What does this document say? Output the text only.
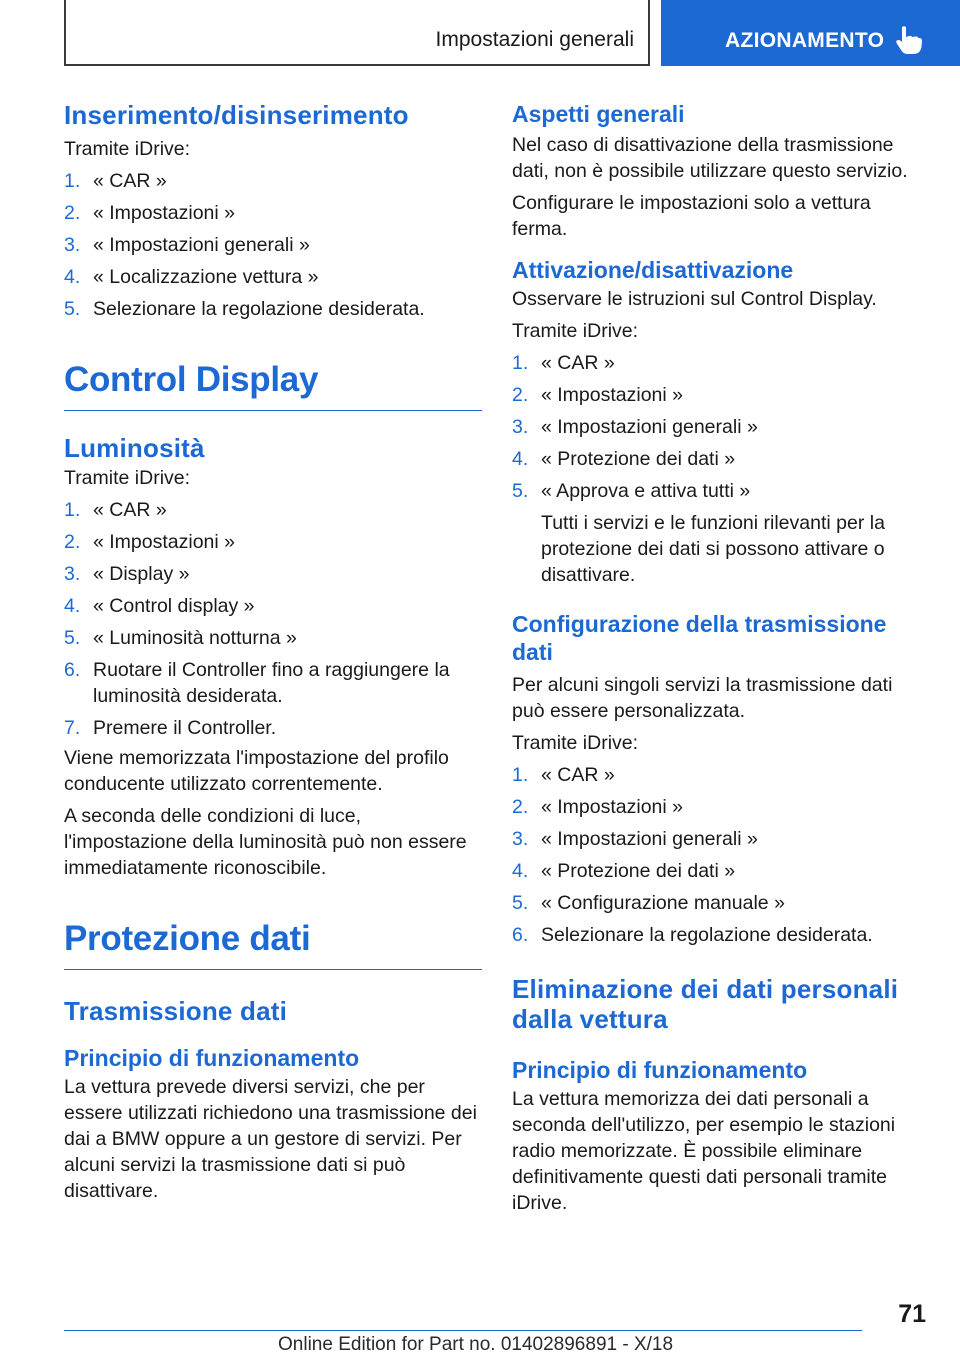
Impostazioni generali	AZIONAMENTO
Inserimento/disinserimento

Tramite iDrive:

1. « CAR »
2. « Impostazioni »
3. « Impostazioni generali »
4. « Localizzazione vettura »
5. Selezionare la regolazione desiderata.
Control Display
Luminosità

Tramite iDrive:

1. « CAR »
2. « Impostazioni »
3. « Display »
4. « Control display »
5. « Luminosità notturna »
6. Ruotare il Controller fino a raggiungere la luminosità desiderata.
7. Premere il Controller.

Viene memorizzata l'impostazione del profilo conducente utilizzato correntemente.

A seconda delle condizioni di luce, l'impostazione della luminosità può non essere immediatamente riconoscibile.

Protezione dati
Trasmissione dati
Principio di funzionamento

La vettura prevede diversi servizi, che per essere utilizzati richiedono una trasmissione dei dai a BMW oppure a un gestore di servizi. Per alcuni servizi la trasmissione dati si può disattivare.

Aspetti generali

Nel caso di disattivazione della trasmissione dati, non è possibile utilizzare questo servizio.

Configurare le impostazioni solo a vettura ferma.

Attivazione/disattivazione

Osservare le istruzioni sul Control Display.

Tramite iDrive:

1. « CAR »
2. « Impostazioni »
3. « Impostazioni generali »
4. « Protezione dei dati »
5. « Approva e attiva tutti »

Tutti i servizi e le funzioni rilevanti per la protezione dei dati si possono attivare o disattivare.

Configurazione della trasmissione dati

Per alcuni singoli servizi la trasmissione dati può essere personalizzata.

Tramite iDrive:

1. « CAR »
2. « Impostazioni »
3. « Impostazioni generali »
4. « Protezione dei dati »
5. « Configurazione manuale »
6. Selezionare la regolazione desiderata.
Eliminazione dei dati personali dalla vettura
Principio di funzionamento

La vettura memorizza dei dati personali a seconda dell'utilizzo, per esempio le stazioni radio memorizzate. È possibile eliminare definitivamente questi dati personali tramite iDrive.

71
Online Edition for Part no. 01402896891 - X/18
